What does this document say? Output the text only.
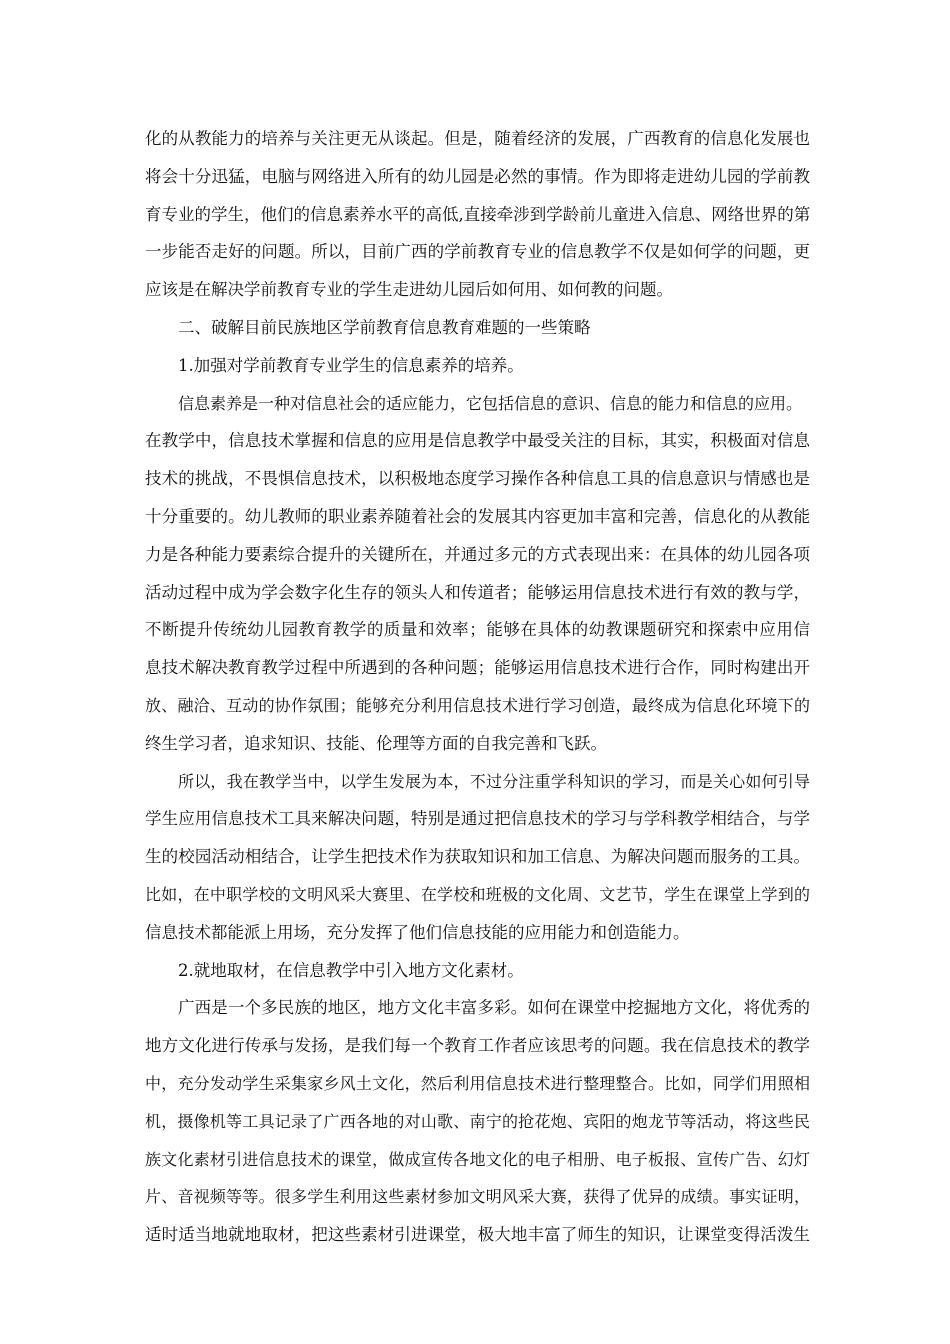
化的从教能力的培养与关注更无从谈起。但是，随着经济的发展，广西教育的信息化发展也
将会十分迅猛，电脑与网络进入所有的幼儿园是必然的事情。作为即将走进幼儿园的学前教
育专业的学生，他们的信息素养水平的高低,直接牵涉到学龄前儿童进入信息、网络世界的第
一步能否走好的问题。所以，目前广西的学前教育专业的信息教学不仅是如何学的问题，更
应该是在解决学前教育专业的学生走进幼儿园后如何用、如何教的问题。
二、破解目前民族地区学前教育信息教育难题的一些策略
1.加强对学前教育专业学生的信息素养的培养。
信息素养是一种对信息社会的适应能力，它包括信息的意识、信息的能力和信息的应用。
在教学中，信息技术掌握和信息的应用是信息教学中最受关注的目标，其实，积极面对信息
技术的挑战，不畏惧信息技术，以积极地态度学习操作各种信息工具的信息意识与情感也是
十分重要的。幼儿教师的职业素养随着社会的发展其内容更加丰富和完善，信息化的从教能
力是各种能力要素综合提升的关键所在，并通过多元的方式表现出来：在具体的幼儿园各项
活动过程中成为学会数字化生存的领头人和传道者；能够运用信息技术进行有效的教与学，
不断提升传统幼儿园教育教学的质量和效率；能够在具体的幼教课题研究和探索中应用信
息技术解决教育教学过程中所遇到的各种问题；能够运用信息技术进行合作，同时构建出开
放、融洽、互动的协作氛围；能够充分利用信息技术进行学习创造，最终成为信息化环境下的
终生学习者，追求知识、技能、伦理等方面的自我完善和飞跃。
所以，我在教学当中，以学生发展为本，不过分注重学科知识的学习，而是关心如何引导
学生应用信息技术工具来解决问题，特别是通过把信息技术的学习与学科教学相结合，与学
生的校园活动相结合，让学生把技术作为获取知识和加工信息、为解决问题而服务的工具。
比如，在中职学校的文明风采大赛里、在学校和班极的文化周、文艺节，学生在课堂上学到的
信息技术都能派上用场，充分发挥了他们信息技能的应用能力和创造能力。
2.就地取材，在信息教学中引入地方文化素材。
广西是一个多民族的地区，地方文化丰富多彩。如何在课堂中挖掘地方文化，将优秀的
地方文化进行传承与发扬，是我们每一个教育工作者应该思考的问题。我在信息技术的教学
中，充分发动学生采集家乡风土文化，然后利用信息技术进行整理整合。比如，同学们用照相
机，摄像机等工具记录了广西各地的对山歌、南宁的抢花炮、宾阳的炮龙节等活动，将这些民
族文化素材引进信息技术的课堂，做成宣传各地文化的电子相册、电子板报、宣传广告、幻灯
片、音视频等等。很多学生利用这些素材参加文明风采大赛，获得了优异的成绩。事实证明，
适时适当地就地取材，把这些素材引进课堂，极大地丰富了师生的知识，让课堂变得活泼生
